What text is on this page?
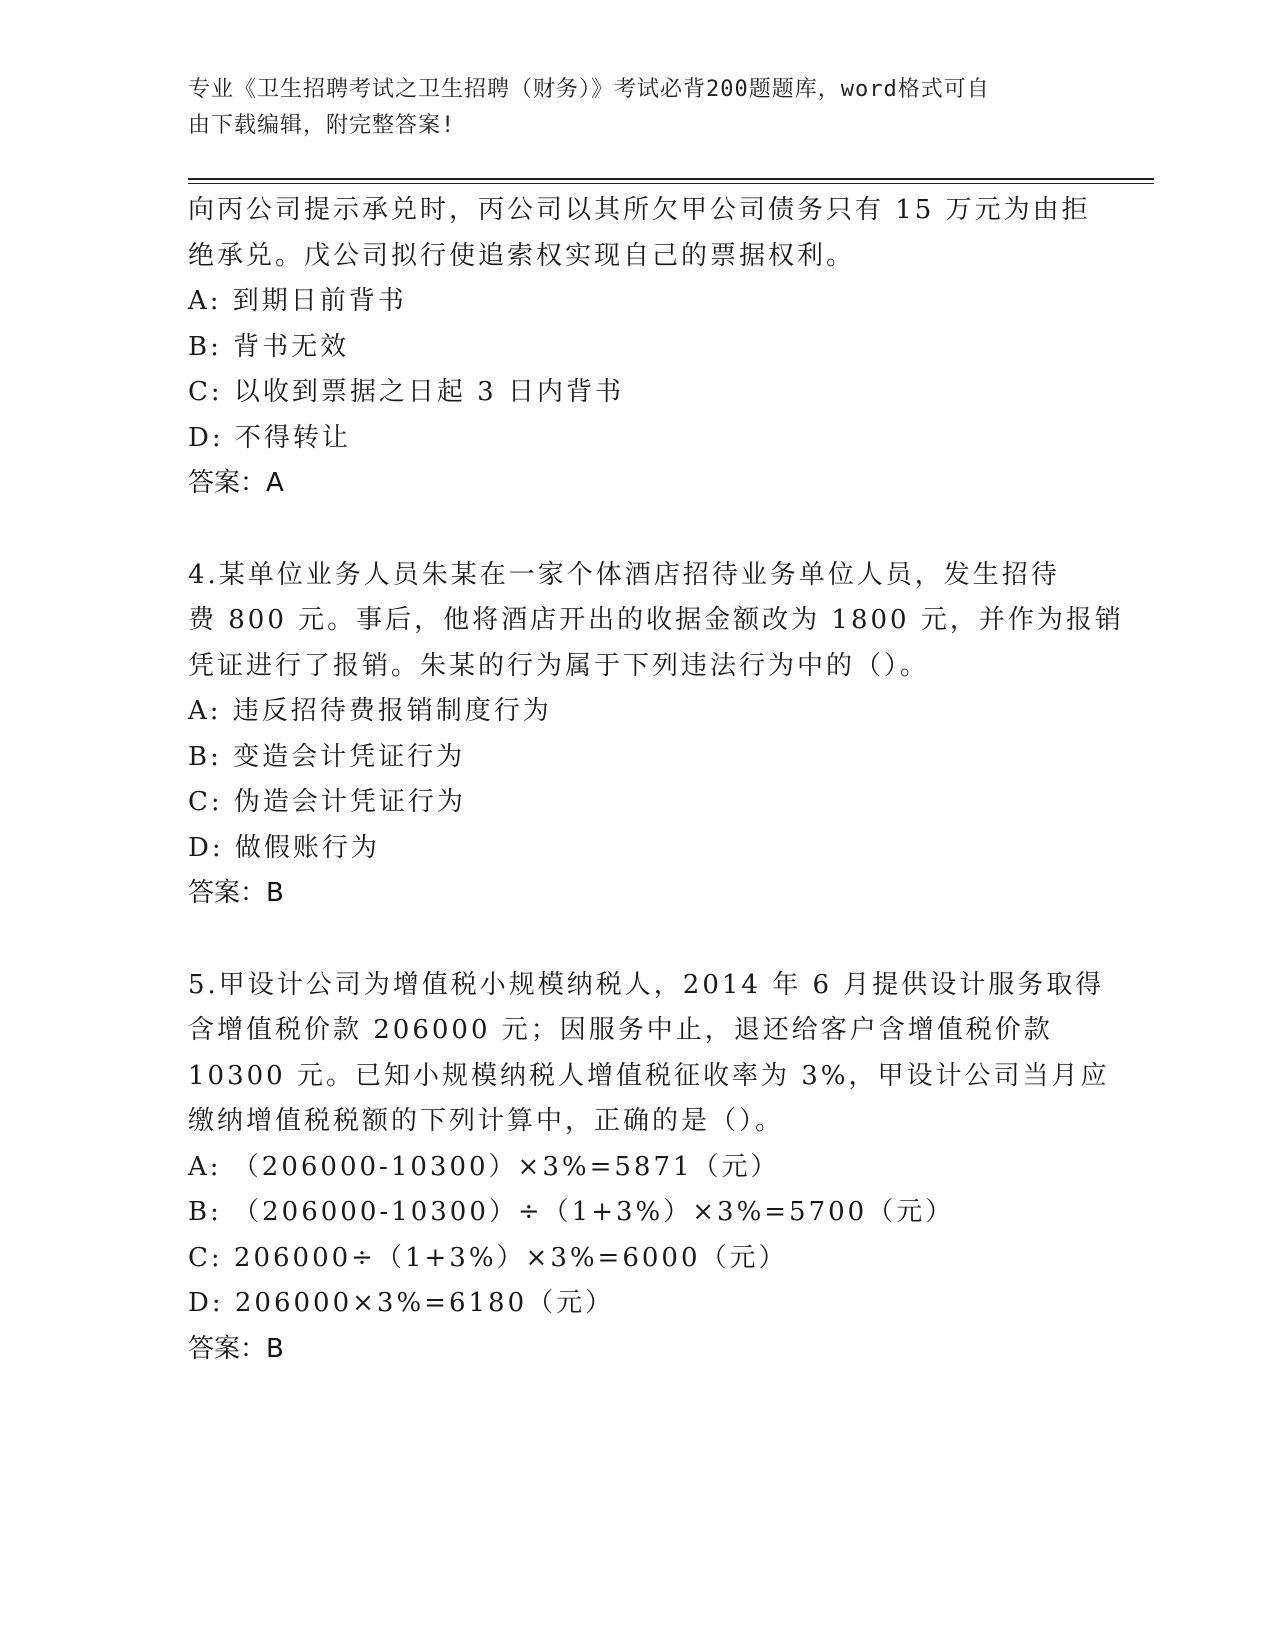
专业《卫生招聘考试之卫生招聘（财务）》考试必背200题题库，word格式可自
由下载编辑，附完整答案!
向丙公司提示承兑时，丙公司以其所欠甲公司债务只有 15 万元为由拒
绝承兑。戊公司拟行使追索权实现自己的票据权利。
A: 到期日前背书
B: 背书无效
C: 以收到票据之日起 3 日内背书
D: 不得转让
答案：A
4.某单位业务人员朱某在一家个体酒店招待业务单位人员，发生招待
费 800 元。事后，他将酒店开出的收据金额改为 1800 元，并作为报销
凭证进行了报销。朱某的行为属于下列违法行为中的（）。
A: 违反招待费报销制度行为
B: 变造会计凭证行为
C: 伪造会计凭证行为
D: 做假账行为
答案：B
5.甲设计公司为增值税小规模纳税人，2014 年 6 月提供设计服务取得
含增值税价款 206000 元；因服务中止，退还给客户含增值税价款
10300 元。已知小规模纳税人增值税征收率为 3%，甲设计公司当月应
缴纳增值税税额的下列计算中，正确的是（）。
A: （206000-10300）×3%=5871（元）
B: （206000-10300）÷（1+3%）×3%=5700（元）
C: 206000÷（1+3%）×3%=6000（元）
D: 206000×3%=6180（元）
答案：B
